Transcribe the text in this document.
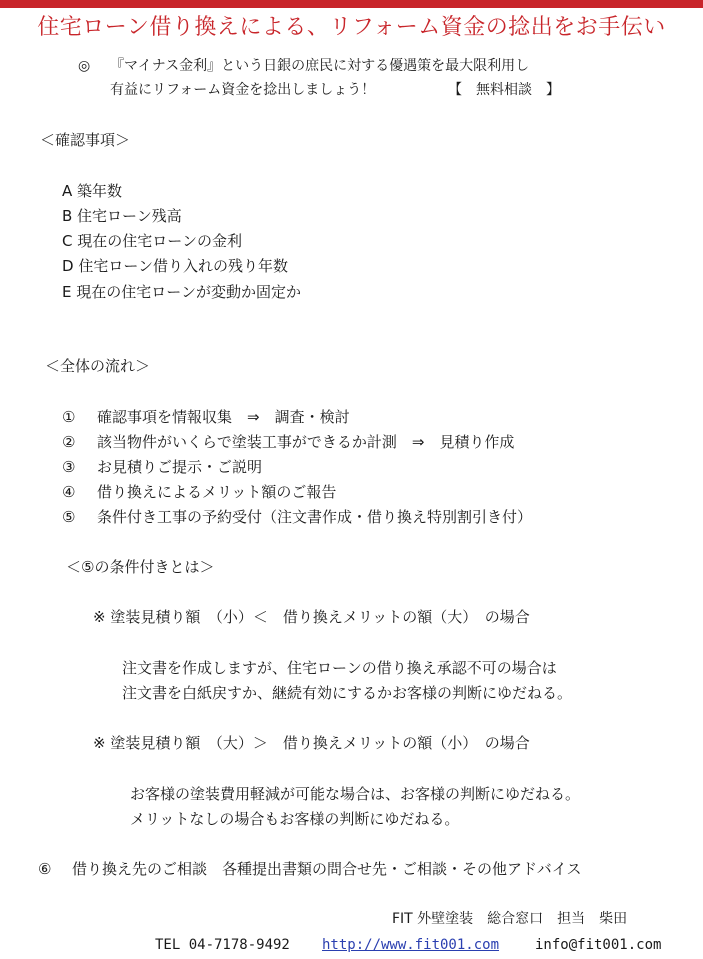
住宅ローン借り換えによる、リフォーム資金の捻出をお手伝い
◎ 『マイナス金利』という日銀の庶民に対する優遇策を最大限利用し
有益にリフォーム資金を捻出しましょう！	【　無料相談　】
＜確認事項＞
A 築年数
B 住宅ローン残高
C 現在の住宅ローンの金利
D 住宅ローン借り入れの残り年数
E 現在の住宅ローンが変動か固定か
＜全体の流れ＞
① 確認事項を情報収集　⇒　調査・検討
② 該当物件がいくらで塗装工事ができるか計測　⇒　見積り作成
③ お見積りご提示・ご説明
④ 借り換えによるメリット額のご報告
⑤ 条件付き工事の予約受付（注文書作成・借り換え特別割引き付）
＜⑤の条件付きとは＞
※ 塗装見積り額　（小）＜　借り換えメリットの額（大）　の場合
注文書を作成しますが、住宅ローンの借り換え承認不可の場合は
注文書を白紙戻すか、継続有効にするかお客様の判断にゆだねる。
※ 塗装見積り額　（大）＞　借り換えメリットの額（小）　の場合
お客様の塗装費用軽減が可能な場合は、お客様の判断にゆだねる。
メリットなしの場合もお客様の判断にゆだねる。
⑥ 借り換え先のご相談　各種提出書類の問合せ先・ご相談・その他アドバイス
FIT 外壁塗装　総合窓口　担当　柴田
TEL 04-7178-9492 http://www.fit001.com	info@fit001.com
